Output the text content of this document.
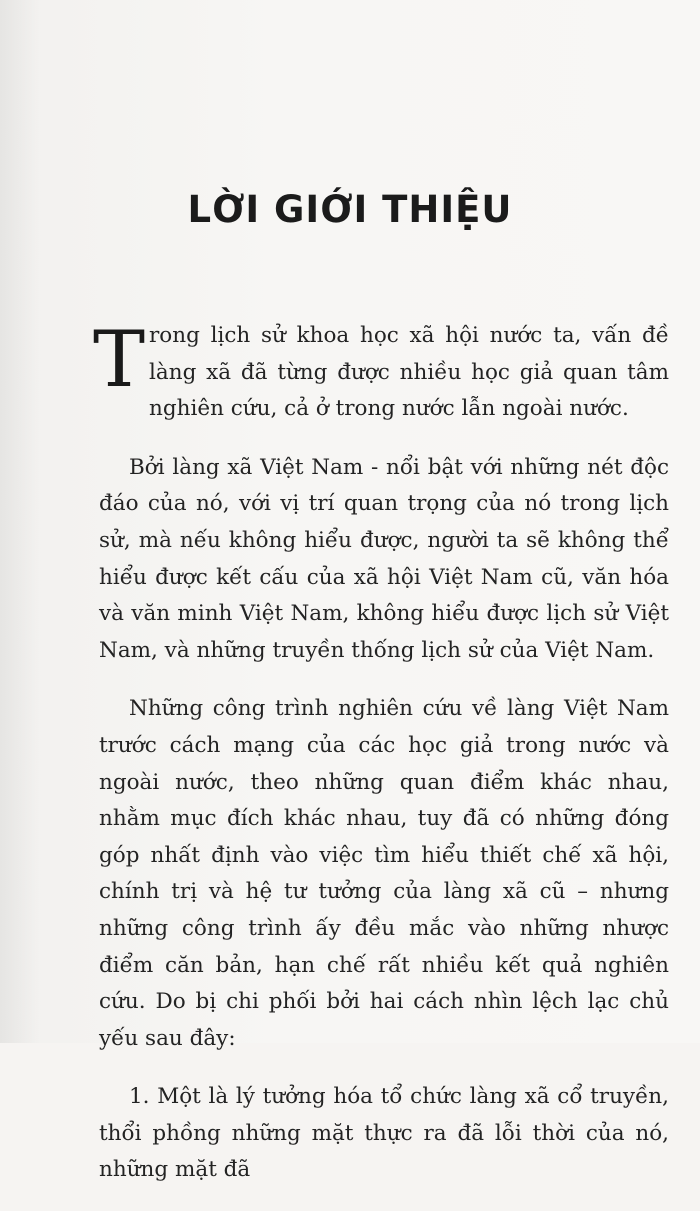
LỜI GIỚI THIỆU

Trong lịch sử khoa học xã hội nước ta, vấn đề làng xã đã từng được nhiều học giả quan tâm nghiên cứu, cả ở trong nước lẫn ngoài nước.

Bởi làng xã Việt Nam - nổi bật với những nét độc đáo của nó, với vị trí quan trọng của nó trong lịch sử, mà nếu không hiểu được, người ta sẽ không thể hiểu được kết cấu của xã hội Việt Nam cũ, văn hóa và văn minh Việt Nam, không hiểu được lịch sử Việt Nam, và những truyền thống lịch sử của Việt Nam.

Những công trình nghiên cứu về làng Việt Nam trước cách mạng của các học giả trong nước và ngoài nước, theo những quan điểm khác nhau, nhằm mục đích khác nhau, tuy đã có những đóng góp nhất định vào việc tìm hiểu thiết chế xã hội, chính trị và hệ tư tưởng của làng xã cũ – nhưng những công trình ấy đều mắc vào những nhược điểm căn bản, hạn chế rất nhiều kết quả nghiên cứu. Do bị chi phối bởi hai cách nhìn lệch lạc chủ yếu sau đây:

1. Một là lý tưởng hóa tổ chức làng xã cổ truyền, thổi phồng những mặt thực ra đã lỗi thời của nó, những mặt đã
